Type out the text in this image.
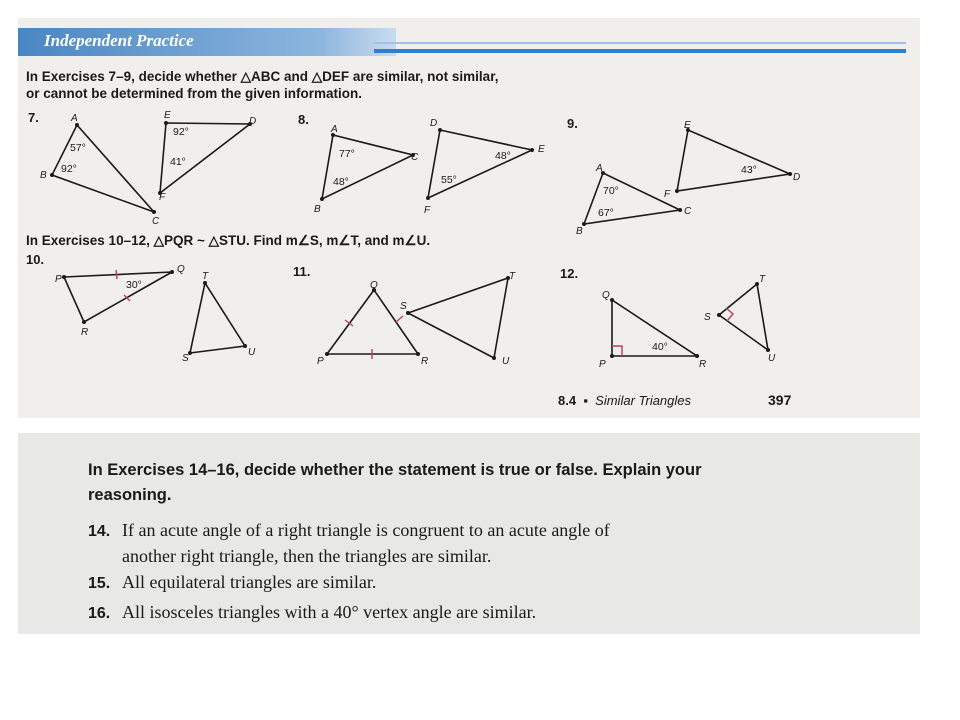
Independent Practice
In Exercises 7–9, decide whether △ABC and △DEF are similar, not similar,
or cannot be determined from the given information.
7.	8.	9.
In Exercises 10–12, △PQR ~ △STU. Find m∠S, m∠T, and m∠U.
10.
11.	12.
A
B
C
E
D
F
A
B
C
D
E
F
E
D
F
A
B
C
P
Q
R
T
S
U
Q
P	R
S
T
U
Q
P	R
T
S
U
57°
92°
92°
41°
77°
48°
48°
55°
43°
70°
67°
30°
40°
8.4  ▪  Similar Triangles	397
In Exercises 14–16, decide whether the statement is true or false. Explain your reasoning.
14. If an acute angle of a right triangle is congruent to an acute angle of
another right triangle, then the triangles are similar.
15. All equilateral triangles are similar.
16. All isosceles triangles with a 40° vertex angle are similar.
